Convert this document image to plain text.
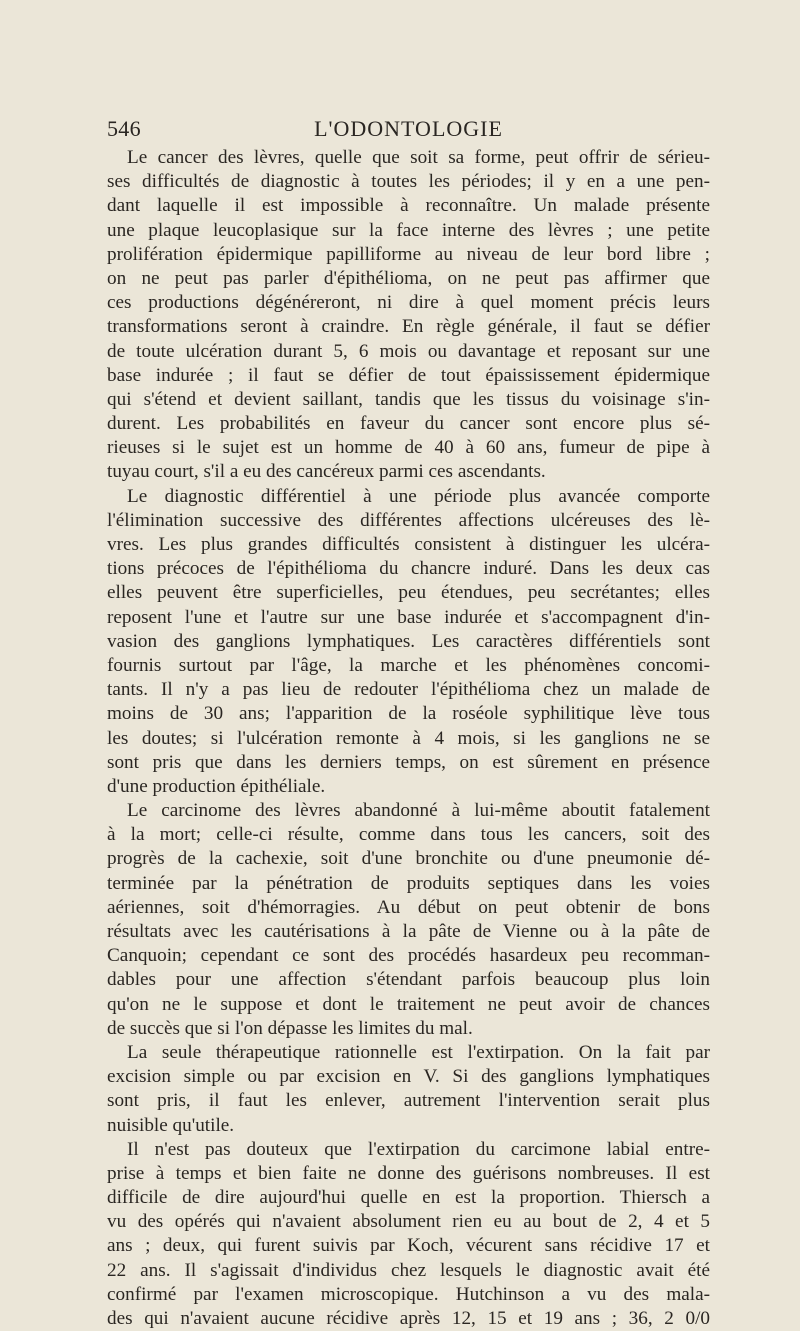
546	L'ODONTOLOGIE
Le cancer des lèvres, quelle que soit sa forme, peut offrir de sérieu-
ses difficultés de diagnostic à toutes les périodes; il y en a une pen-
dant laquelle il est impossible à reconnaître. Un malade présente
une plaque leucoplasique sur la face interne des lèvres ; une petite
prolifération épidermique papilliforme au niveau de leur bord libre ;
on ne peut pas parler d'épithélioma, on ne peut pas affirmer que
ces productions dégénéreront, ni dire à quel moment précis leurs
transformations seront à craindre. En règle générale, il faut se défier
de toute ulcération durant 5, 6 mois ou davantage et reposant sur une
base indurée ; il faut se défier de tout épaississement épidermique
qui s'étend et devient saillant, tandis que les tissus du voisinage s'in-
durent. Les probabilités en faveur du cancer sont encore plus sé-
rieuses si le sujet est un homme de 40 à 60 ans, fumeur de pipe à
tuyau court, s'il a eu des cancéreux parmi ces ascendants.
Le diagnostic différentiel à une période plus avancée comporte
l'élimination successive des différentes affections ulcéreuses des lè-
vres. Les plus grandes difficultés consistent à distinguer les ulcéra-
tions précoces de l'épithélioma du chancre induré. Dans les deux cas
elles peuvent être superficielles, peu étendues, peu secrétantes; elles
reposent l'une et l'autre sur une base indurée et s'accompagnent d'in-
vasion des ganglions lymphatiques. Les caractères différentiels sont
fournis surtout par l'âge, la marche et les phénomènes concomi-
tants. Il n'y a pas lieu de redouter l'épithélioma chez un malade de
moins de 30 ans; l'apparition de la roséole syphilitique lève tous
les doutes; si l'ulcération remonte à 4 mois, si les ganglions ne se
sont pris que dans les derniers temps, on est sûrement en présence
d'une production épithéliale.
Le carcinome des lèvres abandonné à lui-même aboutit fatalement
à la mort; celle-ci résulte, comme dans tous les cancers, soit des
progrès de la cachexie, soit d'une bronchite ou d'une pneumonie dé-
terminée par la pénétration de produits septiques dans les voies
aériennes, soit d'hémorragies. Au début on peut obtenir de bons
résultats avec les cautérisations à la pâte de Vienne ou à la pâte de
Canquoin; cependant ce sont des procédés hasardeux peu recomman-
dables pour une affection s'étendant parfois beaucoup plus loin
qu'on ne le suppose et dont le traitement ne peut avoir de chances
de succès que si l'on dépasse les limites du mal.
La seule thérapeutique rationnelle est l'extirpation. On la fait par
excision simple ou par excision en V. Si des ganglions lymphatiques
sont pris, il faut les enlever, autrement l'intervention serait plus
nuisible qu'utile.
Il n'est pas douteux que l'extirpation du carcimone labial entre-
prise à temps et bien faite ne donne des guérisons nombreuses. Il est
difficile de dire aujourd'hui quelle en est la proportion. Thiersch a
vu des opérés qui n'avaient absolument rien eu au bout de 2, 4 et 5
ans ; deux, qui furent suivis par Koch, vécurent sans récidive 17 et
22 ans. Il s'agissait d'individus chez lesquels le diagnostic avait été
confirmé par l'examen microscopique. Hutchinson a vu des mala-
des qui n'avaient aucune récidive après 12, 15 et 19 ans ; 36, 2 0/0
